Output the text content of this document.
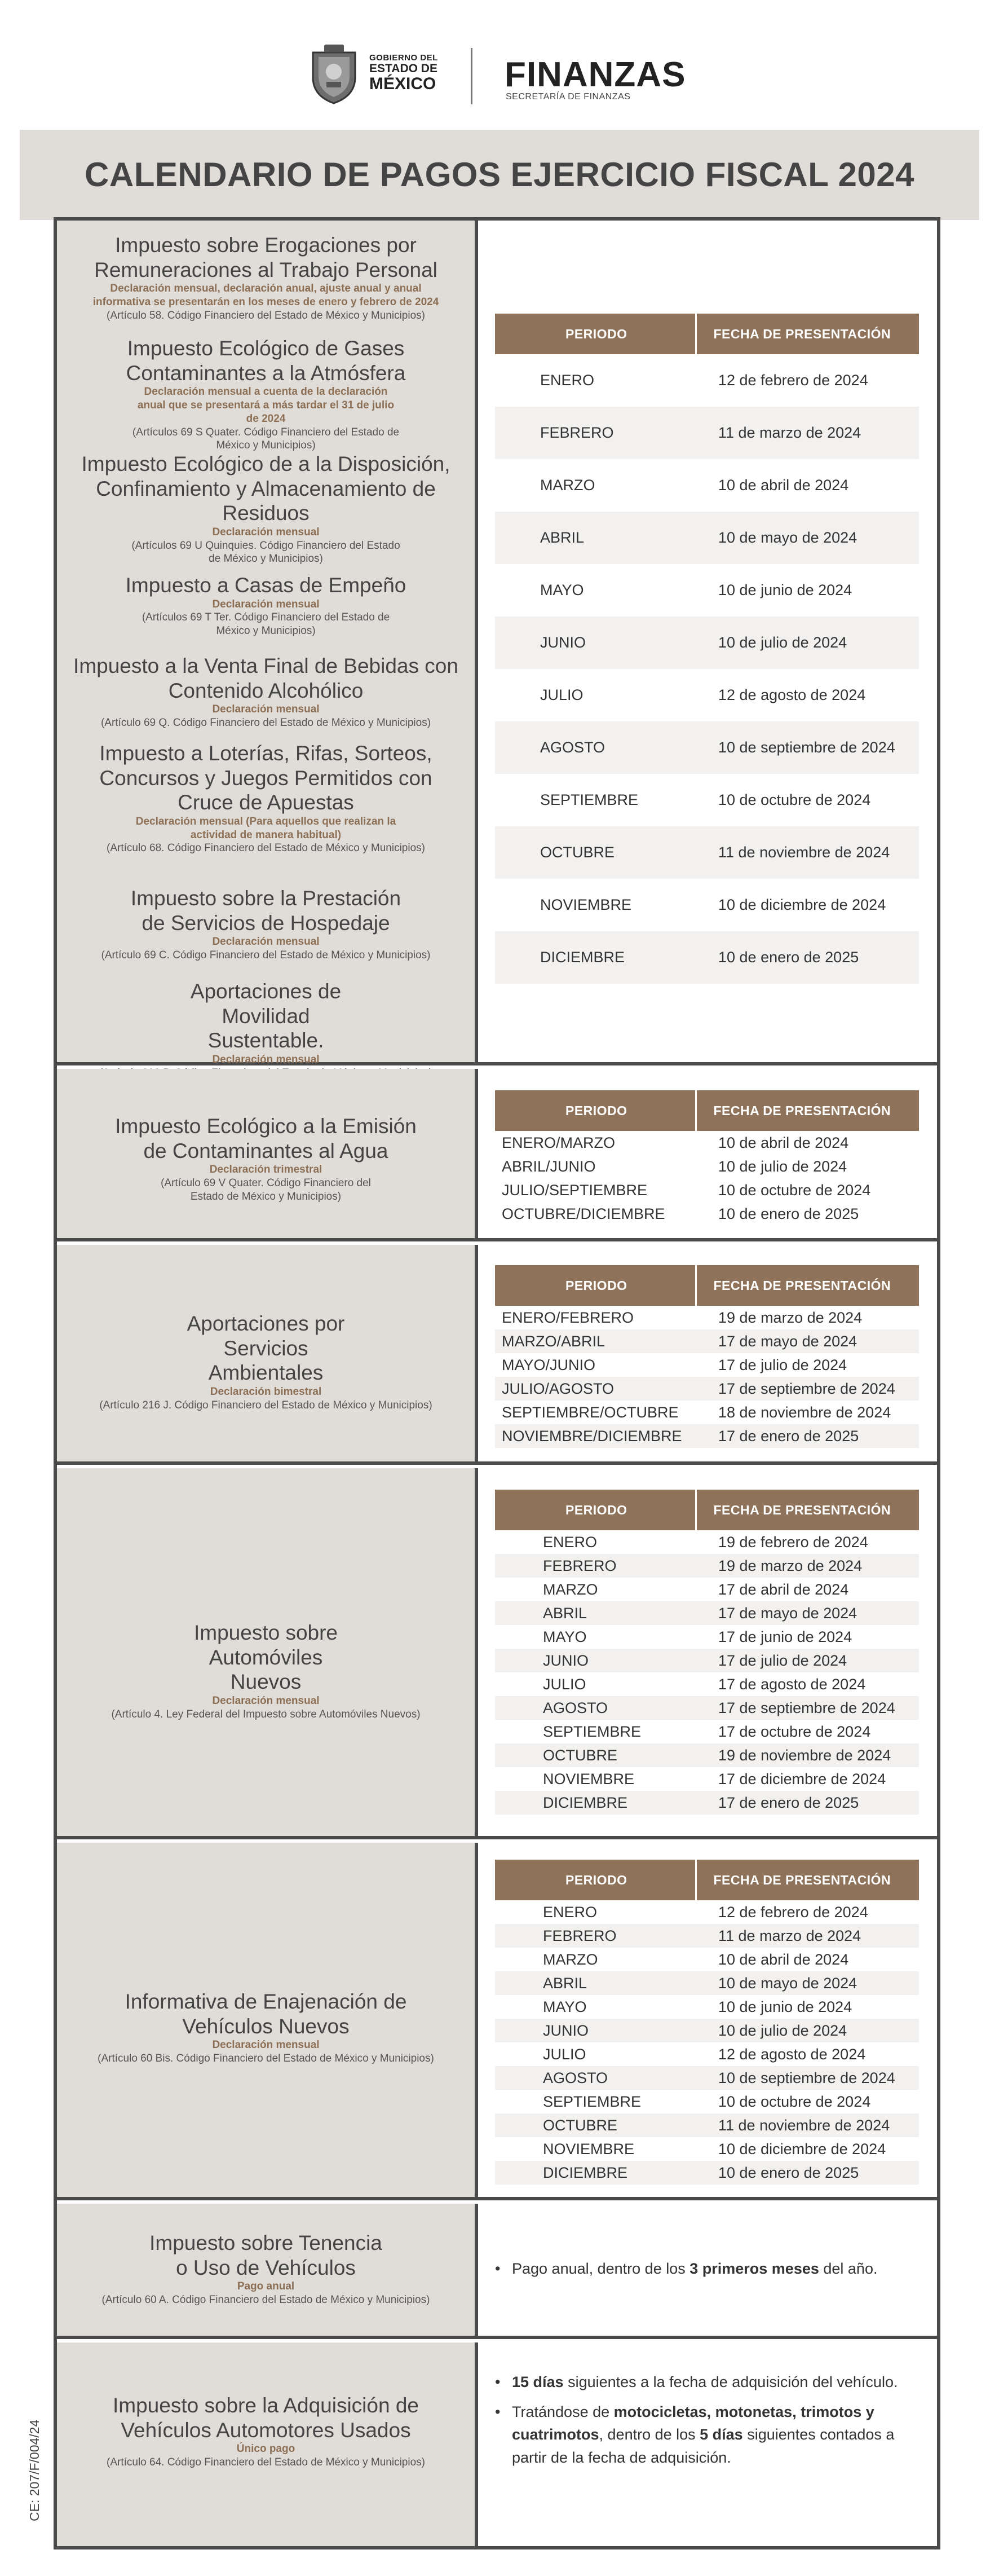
GOBIERNO DEL
ESTADO DE
MÉXICO	FINANZAS
SECRETARÍA DE FINANZAS
CALENDARIO DE PAGOS EJERCICIO FISCAL 2024
Impuesto sobre Erogaciones por Remuneraciones al Trabajo Personal
Declaración mensual, declaración anual, ajuste anual y anual informativa se presentarán en los meses de enero y febrero de 2024
(Artículo 58. Código Financiero del Estado de México y Municipios)
Impuesto Ecológico de Gases Contaminantes a la Atmósfera
Declaración mensual a cuenta de la declaración anual que se presentará a más tardar el 31 de julio de 2024
(Artículos 69 S Quater. Código Financiero del Estado de México y Municipios)
Impuesto Ecológico de a la Disposición, Confinamiento y Almacenamiento de Residuos
Declaración mensual
(Artículos 69 U Quinquies. Código Financiero del Estado de México y Municipios)
Impuesto a Casas de Empeño
Declaración mensual
(Artículos 69 T Ter. Código Financiero del Estado de México y Municipios)
Impuesto a la Venta Final de Bebidas con Contenido Alcohólico
Declaración mensual
(Artículo 69 Q. Código Financiero del Estado de México y Municipios)
Impuesto a Loterías, Rifas, Sorteos, Concursos y Juegos Permitidos con Cruce de Apuestas
Declaración mensual (Para aquellos que realizan la actividad de manera habitual)
(Artículo 68. Código Financiero del Estado de México y Municipios)
Impuesto sobre la Prestación de Servicios de Hospedaje
Declaración mensual
(Artículo 69 C. Código Financiero del Estado de México y Municipios)
Aportaciones de Movilidad Sustentable.
Declaración mensual
PERIODO	FECHA DE PRESENTACIÓN
ENERO	12 de febrero de 2024
FEBRERO	11 de marzo de 2024
MARZO	10 de abril de 2024
ABRIL	10 de mayo de 2024
MAYO	10 de junio de 2024
JUNIO	10 de julio de 2024
JULIO	12 de agosto de 2024
AGOSTO	10 de septiembre de 2024
SEPTIEMBRE	10 de octubre de 2024
OCTUBRE	11 de noviembre de 2024
NOVIEMBRE	10 de diciembre de 2024
DICIEMBRE	10 de enero de 2025
Impuesto Ecológico a la Emisión de Contaminantes al Agua
Declaración trimestral
(Artículo 69 V Quater. Código Financiero del Estado de México y Municipios)
PERIODO	FECHA DE PRESENTACIÓN
ENERO/MARZO	10 de abril de 2024
ABRIL/JUNIO	10 de julio de 2024
JULIO/SEPTIEMBRE	10 de octubre de 2024
OCTUBRE/DICIEMBRE	10 de enero de 2025
Aportaciones por Servicios Ambientales
Declaración bimestral
(Artículo 216 J. Código Financiero del Estado de México y Municipios)
PERIODO	FECHA DE PRESENTACIÓN
ENERO/FEBRERO	19 de marzo de 2024
MARZO/ABRIL	17 de mayo de 2024
MAYO/JUNIO	17 de julio de 2024
JULIO/AGOSTO	17 de septiembre de 2024
SEPTIEMBRE/OCTUBRE	18 de noviembre de 2024
NOVIEMBRE/DICIEMBRE	17 de enero de 2025
Impuesto sobre Automóviles Nuevos
Declaración mensual
(Artículo 4. Ley Federal del Impuesto sobre Automóviles Nuevos)
PERIODO	FECHA DE PRESENTACIÓN
ENERO	19 de febrero de 2024
FEBRERO	19 de marzo de 2024
MARZO	17 de abril de 2024
ABRIL	17 de mayo de 2024
MAYO	17 de junio de 2024
JUNIO	17 de julio de 2024
JULIO	17 de agosto de 2024
AGOSTO	17 de septiembre de 2024
SEPTIEMBRE	17 de octubre de 2024
OCTUBRE	19 de noviembre de 2024
NOVIEMBRE	17 de diciembre de 2024
DICIEMBRE	17 de enero de 2025
Informativa de Enajenación de Vehículos Nuevos
Declaración mensual
(Artículo 60 Bis. Código Financiero del Estado de México y Municipios)
PERIODO	FECHA DE PRESENTACIÓN
ENERO	12 de febrero de 2024
FEBRERO	11 de marzo de 2024
MARZO	10 de abril de 2024
ABRIL	10 de mayo de 2024
MAYO	10 de junio de 2024
JUNIO	10 de julio de 2024
JULIO	12 de agosto de 2024
AGOSTO	10 de septiembre de 2024
SEPTIEMBRE	10 de octubre de 2024
OCTUBRE	11 de noviembre de 2024
NOVIEMBRE	10 de diciembre de 2024
DICIEMBRE	10 de enero de 2025
Impuesto sobre Tenencia o Uso de Vehículos
Pago anual
(Artículo 60 A. Código Financiero del Estado de México y Municipios)
• Pago anual, dentro de los 3 primeros meses del año.
Impuesto sobre la Adquisición de Vehículos Automotores Usados
Único pago
(Artículo 64. Código Financiero del Estado de México y Municipios)
• 15 días siguientes a la fecha de adquisición del vehículo.
• Tratándose de motocicletas, motonetas, trimotos y cuatrimotos, dentro de los 5 días siguientes contados a partir de la fecha de adquisición.
CE: 207/F/004/24
